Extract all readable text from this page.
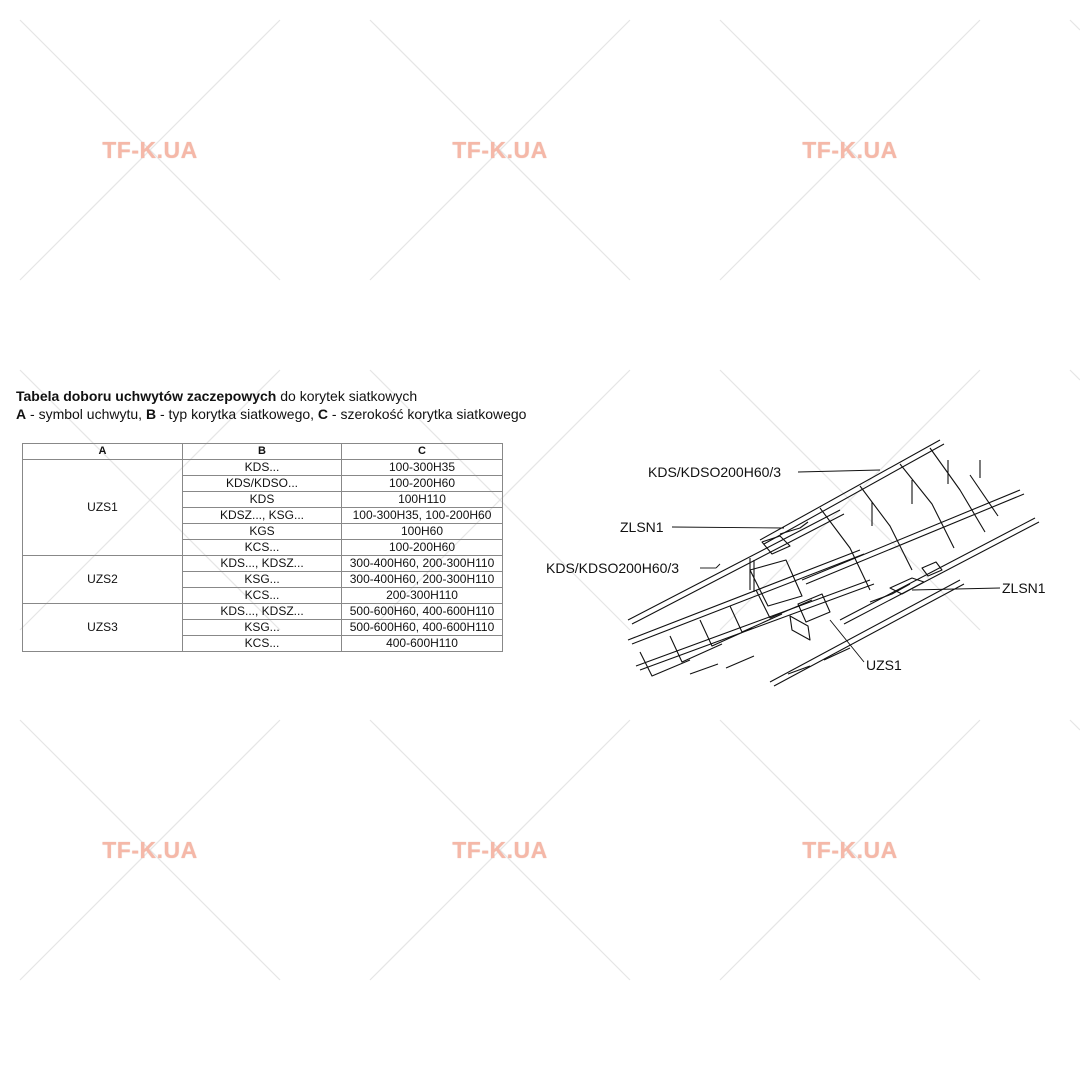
TF-K.UA	TF-K.UA	TF-K.UA
TF-K.UA	TF-K.UA	TF-K.UA
Tabela doboru uchwytów zaczepowych do korytek siatkowych
A - symbol uchwytu, B - typ korytka siatkowego, C - szerokość korytka siatkowego
A	B	C
UZS1	KDS...	100-300H35
	KDS/KDSO...	100-200H60
	KDS	100H110
	KDSZ..., KSG...	100-300H35, 100-200H60
	KGS	100H60
	KCS...	100-200H60
UZS2	KDS..., KDSZ...	300-400H60, 200-300H110
	KSG...	300-400H60, 200-300H110
	KCS...	200-300H110
UZS3	KDS..., KDSZ...	500-600H60, 400-600H110
	KSG...	500-600H60, 400-600H110
	KCS...	400-600H110
KDS/KDSO200H60/3
ZLSN1
KDS/KDSO200H60/3
ZLSN1
UZS1
